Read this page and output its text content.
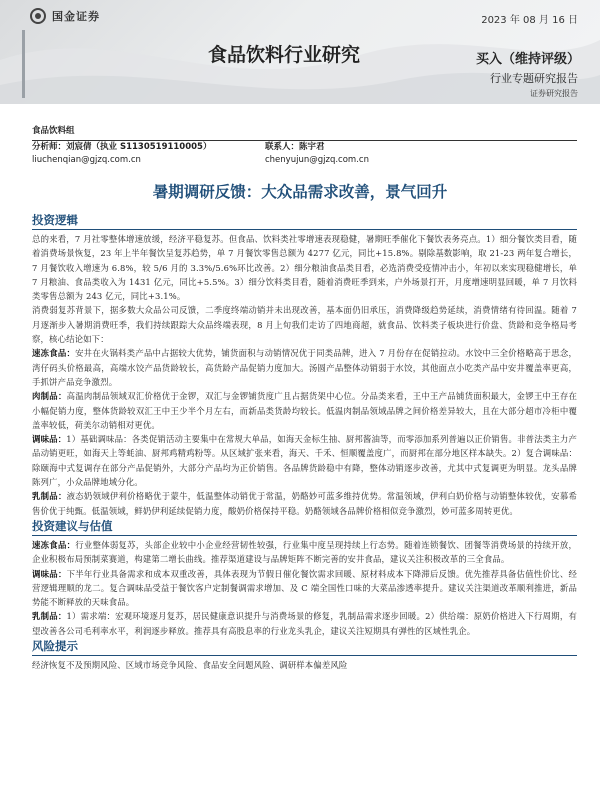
国金证券	2023 年 08 月 16 日
食品饮料行业研究	买入（维持评级）
行业专题研究报告
证券研究报告
食品饮料组
分析师：刘宸倩（执业 S1130519110005）	联系人：陈宇君
liuchenqian@gjzq.com.cn	chenyujun@gjzq.com.cn
暑期调研反馈：大众品需求改善，景气回升
投资逻辑

总的来看，7 月社零整体增速放缓，经济平稳复苏。但食品、饮料类社零增速表现稳健，暑期旺季催化下餐饮表务亮点。1）细分餐饮类目看，随着消费场景恢复，23 年上半年餐饮呈复苏趋势，单 7 月餐饮零售总额为 4277 亿元，同比+15.8%。剔除基数影响，取 21-23 两年复合增长，7 月餐饮收入增速为 6.8%，较 5/6 月的 3.3%/5.6%环比改善。2）细分粮油食品类目看，必选消费受疫情冲击小，年初以来实现稳健增长，单 7 月粮油、食品类收入为 1431 亿元，同比+5.5%。3）细分饮料类目看，随着消费旺季到来，户外场景打开，月度增速明显回暖，单 7 月饮料类零售总额为 243 亿元，同比+3.1%。

消费弱复苏背景下，据多数大众品公司反馈，二季度终端动销并未出现改善，基本面仍旧承压，消费降级趋势延续，消费情绪有待回温。随着 7 月逐渐步入暑期消费旺季，我们持续跟踪大众品终端表现，8 月上旬我们走访了四地商超，就食品、饮料类子板块进行价盘、货龄和竞争格局考察，核心结论如下：

速冻食品：安井在火锅料类产品中占据较大优势，铺货面积与动销情况优于同类品牌，进入 7 月份存在促销拉动。水饺中三全价格略高于思念，湾仔码头价格最高，高端水饺产品货龄较长，高货龄产品促销力度加大。汤圆产品整体动销弱于水饺，其他面点小吃类产品中安井覆盖率更高，手抓饼产品竞争激烈。

肉制品：高温肉制品领域双汇价格优于金锣，双汇与金锣铺货度广且占据货架中心位。分品类来看，王中王产品铺货面积最大，金锣王中王存在小幅促销力度，整体货龄较双汇王中王少半个月左右，而新品类货龄均较长。低温肉制品领域品牌之间价格差异较大，且在大部分超市冷柜中覆盖率较低，荷美尔动销相对更优。

调味品：1）基础调味品：各类促销活动主要集中在常规大单品，如海天金标生抽、厨邦酱油等，而零添加系列普遍以正价销售。非普法类主力产品动销更旺，如海天上等蚝油、厨邦鸡精鸡粉等。从区域扩张来看，海天、千禾、恒顺覆盖度广，而厨邦在部分地区样本缺失。2）复合调味品：除颐海中式复调存在部分产品促销外，大部分产品均为正价销售。各品牌货龄稳中有降，整体动销逐步改善，尤其中式复调更为明显。龙头品牌陈列广，小众品牌地域分化。

乳制品：液态奶领域伊利价格略优于蒙牛，低温整体动销优于常温，奶酪妙可蓝多维持优势。常温领域，伊利白奶价格与动销整体较优，安慕希售价优于纯甄。低温领域，鲜奶伊利延续促销力度，酸奶价格保持平稳。奶酪领域各品牌价格相似竞争激烈，妙可蓝多周转更优。

投资建议与估值

速冻食品：行业整体弱复苏，头部企业较中小企业经营韧性较强，行业集中度呈现持续上行态势。随着连锁餐饮、团餐等消费场景的持续开放，企业积极布局预制菜赛道，构建第二增长曲线。推荐渠道建设与品牌矩阵不断完善的安井食品，建议关注积极改革的三全食品。

调味品：下半年行业具备需求和成本双重改善，具体表现为节假日催化餐饮需求回暖、原材料成本下降滞后反馈。优先推荐具备估值性价比、经营逻辑理顺的龙二。复合调味品受益于餐饮客户定制餐调需求增加、及 C 端全国性口味的大菜品渗透率提升。建议关注渠道改革顺利推进，新品势能不断释放的天味食品。

乳制品：1）需求端：宏观环境逐月复苏，居民健康意识提升与消费场景的修复，乳制品需求逐步回暖。2）供给端：原奶价格进入下行周期，有望改善各公司毛利率水平，利润逐步释放。推荐具有高股息率的行业龙头乳企，建议关注短期具有弹性的区域性乳企。

风险提示

经济恢复不及预期风险、区域市场竞争风险、食品安全问题风险、调研样本偏差风险
